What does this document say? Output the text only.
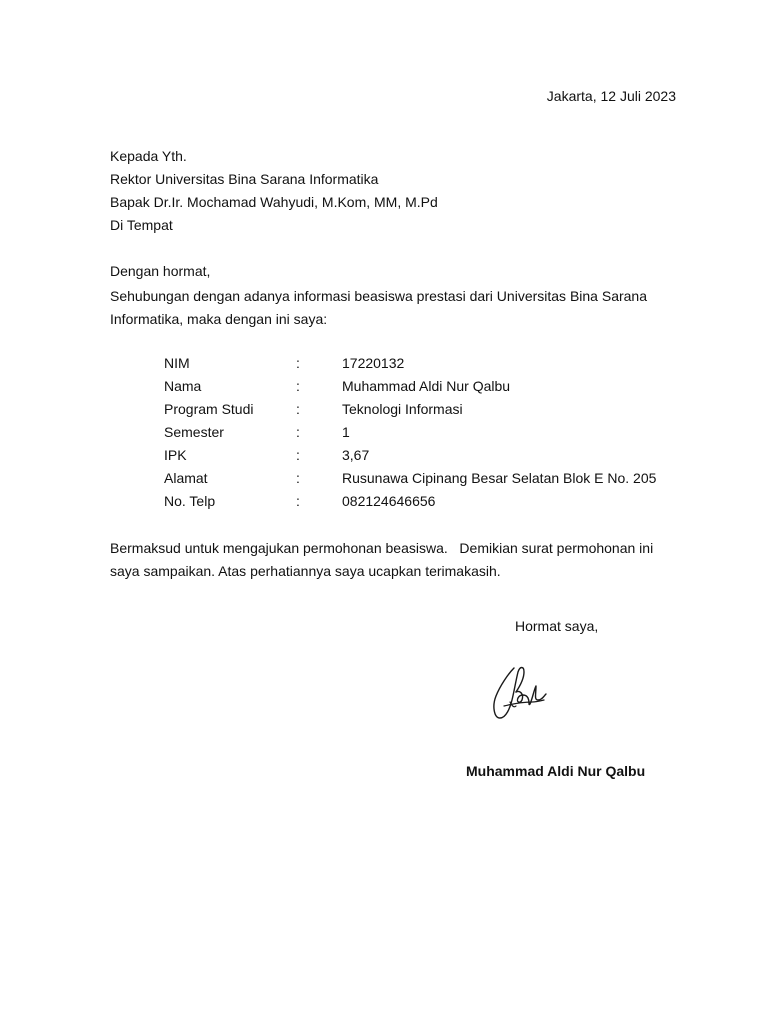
Jakarta, 12 Juli 2023
Kepada Yth.
Rektor Universitas Bina Sarana Informatika
Bapak Dr.Ir. Mochamad Wahyudi, M.Kom, MM, M.Pd
Di Tempat
Dengan hormat,
Sehubungan dengan adanya informasi beasiswa prestasi dari Universitas Bina Sarana
Informatika, maka dengan ini saya:
NIM	:	17220132
Nama	:	Muhammad Aldi Nur Qalbu
Program Studi	:	Teknologi Informasi
Semester	:	1
IPK	:	3,67
Alamat	:	Rusunawa Cipinang Besar Selatan Blok E No. 205
No. Telp	:	082124646656
Bermaksud untuk mengajukan permohonan beasiswa.   Demikian surat permohonan ini
saya sampaikan. Atas perhatiannya saya ucapkan terimakasih.
Hormat saya,
Muhammad Aldi Nur Qalbu
